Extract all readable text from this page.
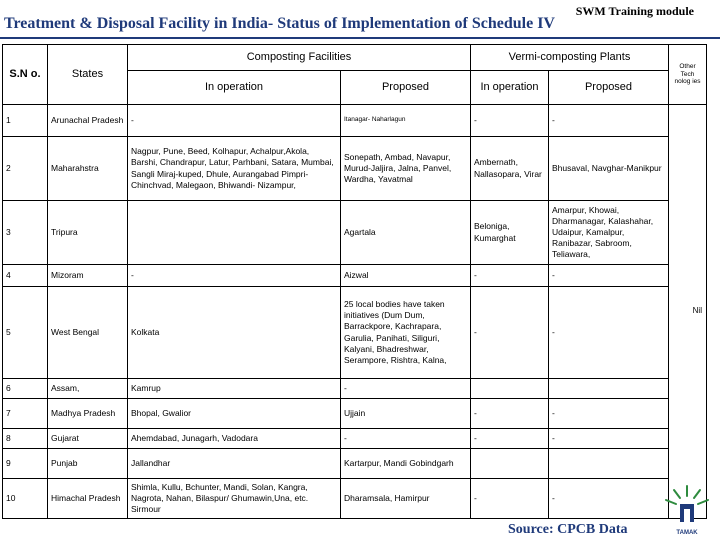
SWM Training module
Treatment & Disposal Facility in India- Status of Implementation of Schedule IV
S.N o.	States	Composting Facilities		Vermi-composting Plants		Other Tech nolog ies
		In operation	Proposed	In operation	Proposed	
1	Arunachal Pradesh	-	Itanagar- Naharlagun	-	-	Nil
2	Maharahstra	Nagpur, Pune, Beed, Kolhapur, Achalpur,Akola, Barshi, Chandrapur, Latur, Parhbani, Satara, Mumbai, Sangli Miraj-kuped, Dhule, Aurangabad Pimpri-Chinchvad, Malegaon, Bhiwandi- Nizampur,	Sonepath, Ambad, Navapur, Murud-Jaljira, Jalna, Panvel, Wardha, Yavatmal	Ambernath, Nallasopara, Virar	Bhusaval, Navghar-Manikpur	
3	Tripura		Agartala	Beloniga, Kumarghat	Amarpur, Khowai, Dharmanagar, Kalashahar, Udaipur, Kamalpur, Ranibazar, Sabroom, Teliawara,	
4	Mizoram	-	Aizwal	-	-	
5	West Bengal	Kolkata	25 local bodies have taken initiatives (Dum Dum, Barrackpore, Kachrapara, Garulia, Panihati, Siliguri, Kalyani, Bhadreshwar, Serampore, Rishtra, Kalna,	-	-	
6	Assam,	Kamrup	-			
7	Madhya Pradesh	Bhopal, Gwalior	Ujjain	-	-	
8	Gujarat	Ahemdabad, Junagarh, Vadodara	-	-	-	
9	Punjab	Jallandhar	Kartarpur, Mandi Gobindgarh			
10	Himachal Pradesh	Shimla, Kullu, Bchunter, Mandi, Solan, Kangra, Nagrota, Nahan, Bilaspur/ Ghumawin,Una, etc. Sirmour	Dharamsala, Hamirpur	-	-	
Source: CPCB Data	TAMAK
